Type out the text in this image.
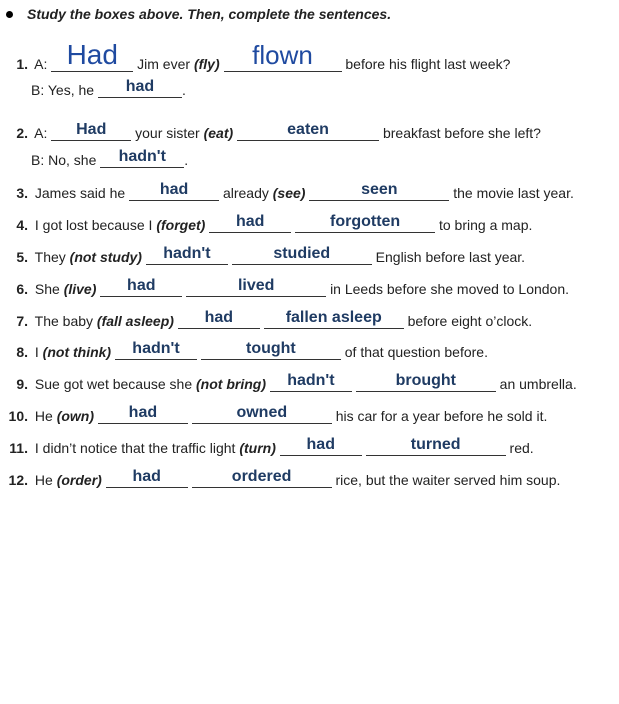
Study the boxes above. Then, complete the sentences.
1. A: Had	Jim ever (fly)	flown	before his flight last week?
B: Yes, he	had	.
2. A:	Had	your sister (eat)	eaten	breakfast before she left?
B: No, she	hadn't	.
3. James said he	had	already (see)	seen	the movie last year.
4. I got lost because I (forget)	had
	forgotten	to bring a map.
5. They (not study)	hadn't
	studied	English before last year.
6. She (live)	had
	lived	in Leeds before she moved to London.
7. The baby (fall asleep)	had
	fallen asleep	before eight o’clock.
8. I (not think)	hadn't
	tought	of that question before.
9. Sue got wet because she (not bring)	hadn't
	brought	an umbrella.
10. He (own)	had
	owned	his car for a year before he sold it.
11. I didn’t notice that the traffic light (turn)	had
	turned	red.
12. He (order)	had
	ordered	rice, but the waiter served him soup.
